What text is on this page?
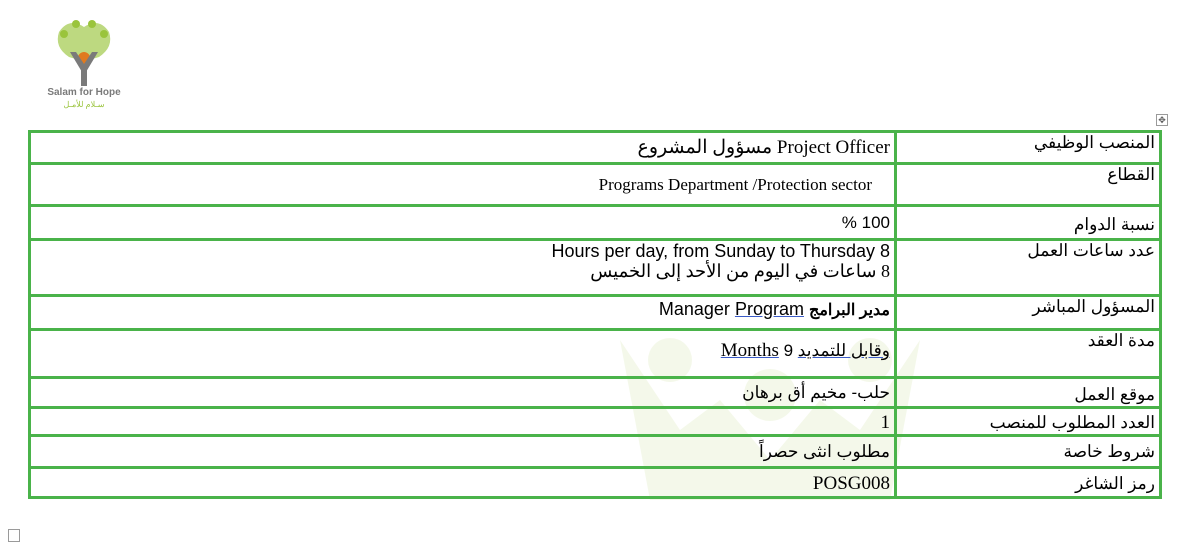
Salam for Hope
سـلام للأمـل
✥
المنصب الوظيفي	Project Officer مسؤول المشروع
القطاع	Programs Department /Protection sector
نسبة الدوام	100 %
عدد ساعات العمل	8 Hours per day, from Sunday to Thursday
8 ساعات في اليوم من الأحد إلى الخميس

المسؤول المباشر	مدير البرامج Manager Program
مدة العقد	وقابل للتمديد 9 Months
موقع العمل	حلب- مخيم أق برهان
العدد المطلوب للمنصب	1
شروط خاصة	مطلوب انثى حصراً
رمز الشاغر	POSG008
